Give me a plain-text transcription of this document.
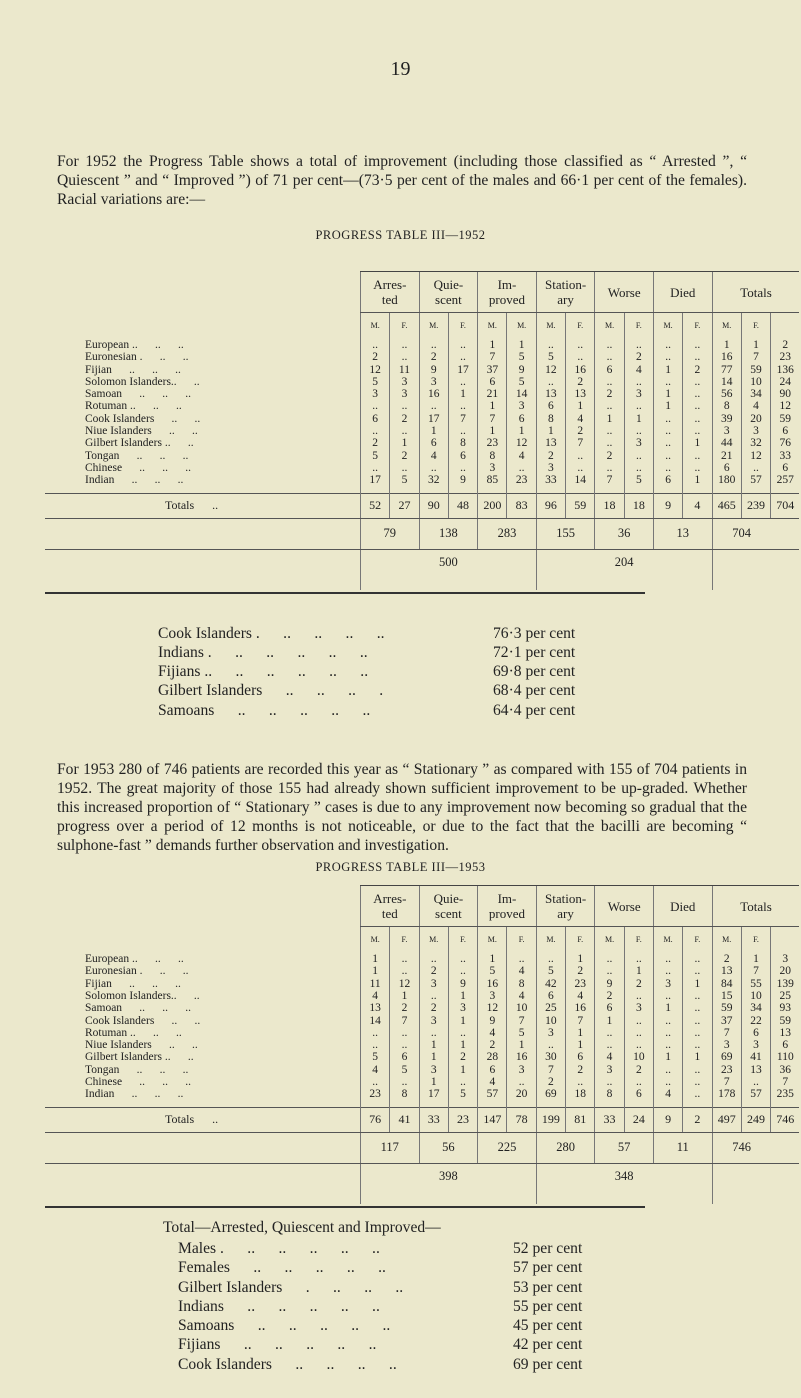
19
For 1952 the Progress Table shows a total of improvement (including those classified as “ Arrested ”, “ Quiescent ” and “ Improved ”) of 71 per cent—(73·5 per cent of the males and 66·1 per cent of the females). Racial variations are:—
PROGRESS TABLE III—1952
	Arres-
ted		Quie-
scent		Im-
proved		Station-
ary		Worse		Died		Totals		
	M.	F.	M.	F.	M.	M.	M.	F.	M.	F.	M.	F.	M.	F.	
European ..      ..      ..	..	..	..	..	1	1	..	..	..	..	..	..	1	1	2
Euronesian .      ..      ..	2	..	2	..	7	5	5	..	..	2	..	..	16	7	23
Fijian      ..      ..      ..	12	11	9	17	37	9	12	16	6	4	1	2	77	59	136
Solomon Islanders..      ..	5	3	3	..	6	5	..	2	..	..	..	..	14	10	24
Samoan      ..      ..      ..	3	3	16	1	21	14	13	13	2	3	1	..	56	34	90
Rotuman ..      ..      ..	..	..	..	..	1	3	6	1	..	..	1	..	8	4	12
Cook Islanders      ..      ..	6	2	17	7	7	6	8	4	1	1	..	..	39	20	59
Niue Islanders      ..      ..	..	..	1	..	1	1	1	2	..	..	..	..	3	3	6
Gilbert Islanders ..      ..	2	1	6	8	23	12	13	7	..	3	..	1	44	32	76
Tongan      ..      ..      ..	5	2	4	6	8	4	2	..	2	..	..	..	21	12	33
Chinese      ..      ..      ..	..	..	..	..	3	..	3	..	..	..	..	..	6	..	6
Indian      ..      ..      ..	17	5	32	9	85	23	33	14	7	5	6	1	180	57	257

Totals      ..	52	27	90	48	200	83	96	59	18	18	9	4	465	239	704
	79		138		283		155		36		13		704		
	500						204								
Cook Islanders .      ..      ..      ..      ..	76·3 per cent
Indians .      ..      ..      ..      ..      ..	72·1 per cent
Fijians ..      ..      ..      ..      ..      ..	69·8 per cent
Gilbert Islanders      ..      ..      ..      .	68·4 per cent
Samoans      ..      ..      ..      ..      ..	64·4 per cent
For 1953 280 of 746 patients are recorded this year as “ Stationary ” as compared with 155 of 704 patients in 1952. The great majority of those 155 had already shown sufficient improvement to be up-graded. Whether this increased proportion of “ Stationary ” cases is due to any improvement now becoming so gradual that the progress over a period of 12 months is not noticeable, or due to the fact that the bacilli are becoming “ sulphone-fast ” demands further observation and investigation.
PROGRESS TABLE III—1953
	Arres-
ted		Quie-
scent		Im-
proved		Station-
ary		Worse		Died		Totals		
	M.	F.	M.	F.	M.	F.	M.	F.	M.	F.	M.	F.	M.	F.	
European ..      ..      ..	1	..	..	..	1	..	..	1	..	..	..	..	2	1	3
Euronesian .      ..      ..	1	..	2	..	5	4	5	2	..	1	..	..	13	7	20
Fijian      ..      ..      ..	11	12	3	9	16	8	42	23	9	2	3	1	84	55	139
Solomon Islanders..      ..	4	1	..	1	3	4	6	4	2	..	..	..	15	10	25
Samoan      ..      ..      ..	13	2	2	3	12	10	25	16	6	3	1	..	59	34	93
Cook Islanders      ..      ..	14	7	3	1	9	7	10	7	1	..	..	..	37	22	59
Rotuman ..      ..      ..	..	..	..	..	4	5	3	1	..	..	..	..	7	6	13
Niue Islanders      ..      ..	..	..	1	1	2	1	..	1	..	..	..	..	3	3	6
Gilbert Islanders ..      ..	5	6	1	2	28	16	30	6	4	10	1	1	69	41	110
Tongan      ..      ..      ..	4	5	3	1	6	3	7	2	3	2	..	..	23	13	36
Chinese      ..      ..      ..	..	..	1	..	4	..	2	..	..	..	..	..	7	..	7
Indian      ..      ..      ..	23	8	17	5	57	20	69	18	8	6	4	..	178	57	235

Totals      ..	76	41	33	23	147	78	199	81	33	24	9	2	497	249	746
	117		56		225		280		57		11		746		
	398						348								
Total—Arrested, Quiescent and Improved—
Males .      ..      ..      ..      ..      ..	52 per cent
Females      ..      ..      ..      ..      ..	57 per cent
Gilbert Islanders      .      ..      ..      ..	53 per cent
Indians      ..      ..      ..      ..      ..	55 per cent
Samoans      ..      ..      ..      ..      ..	45 per cent
Fijians      ..      ..      ..      ..      ..	42 per cent
Cook Islanders      ..      ..      ..      ..	69 per cent
